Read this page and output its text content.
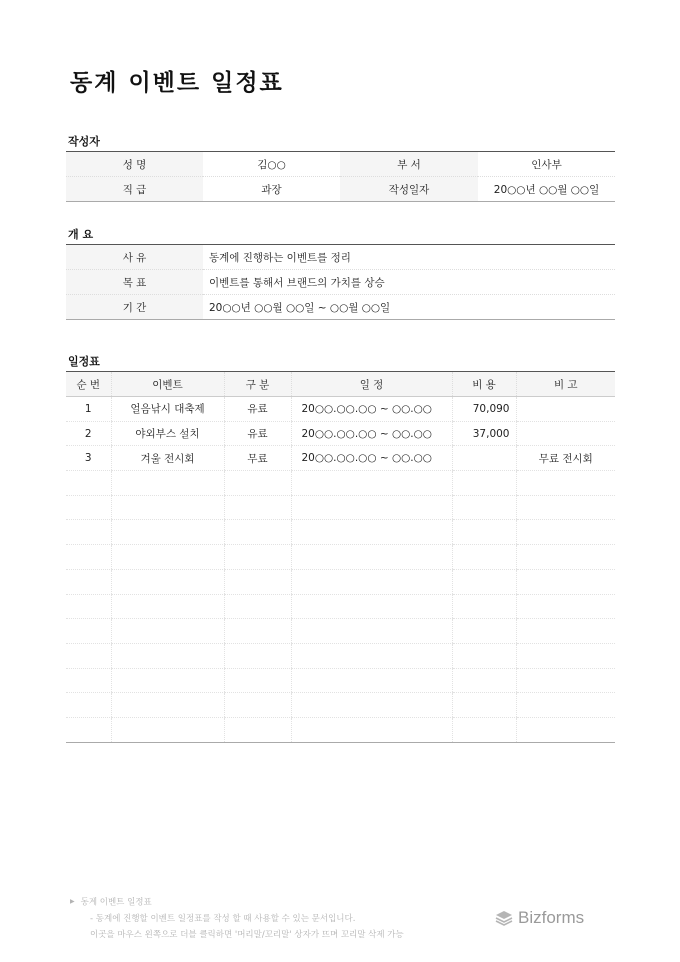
동계 이벤트 일정표
작성자
성 명	김○○	부 서	인사부
직 급	과장	작성일자	20○○년 ○○월 ○○일
개 요
사 유	동계에 진행하는 이벤트를 정리
목 표	이벤트를 통해서 브랜드의 가치를 상승
기 간	20○○년 ○○월 ○○일 ~ ○○월 ○○일
일정표
순 번	이벤트	구 분	일 정	비 용	비 고
1	얼음낚시 대축제	유료	20○○.○○.○○ ~ ○○.○○	70,090	
2	야외부스 설치	유료	20○○.○○.○○ ~ ○○.○○	37,000	
3	겨울 전시회	무료	20○○.○○.○○ ~ ○○.○○		무료 전시회

▶ 동계 이벤트 일정표
- 동계에 진행할 이벤트 일정표를 작성 할 때 사용할 수 있는 문서입니다.
이곳을 마우스 왼쪽으로 더블 클릭하면 '머리말/꼬리말' 상자가 뜨며 꼬리말 삭제 가능
Bizforms
